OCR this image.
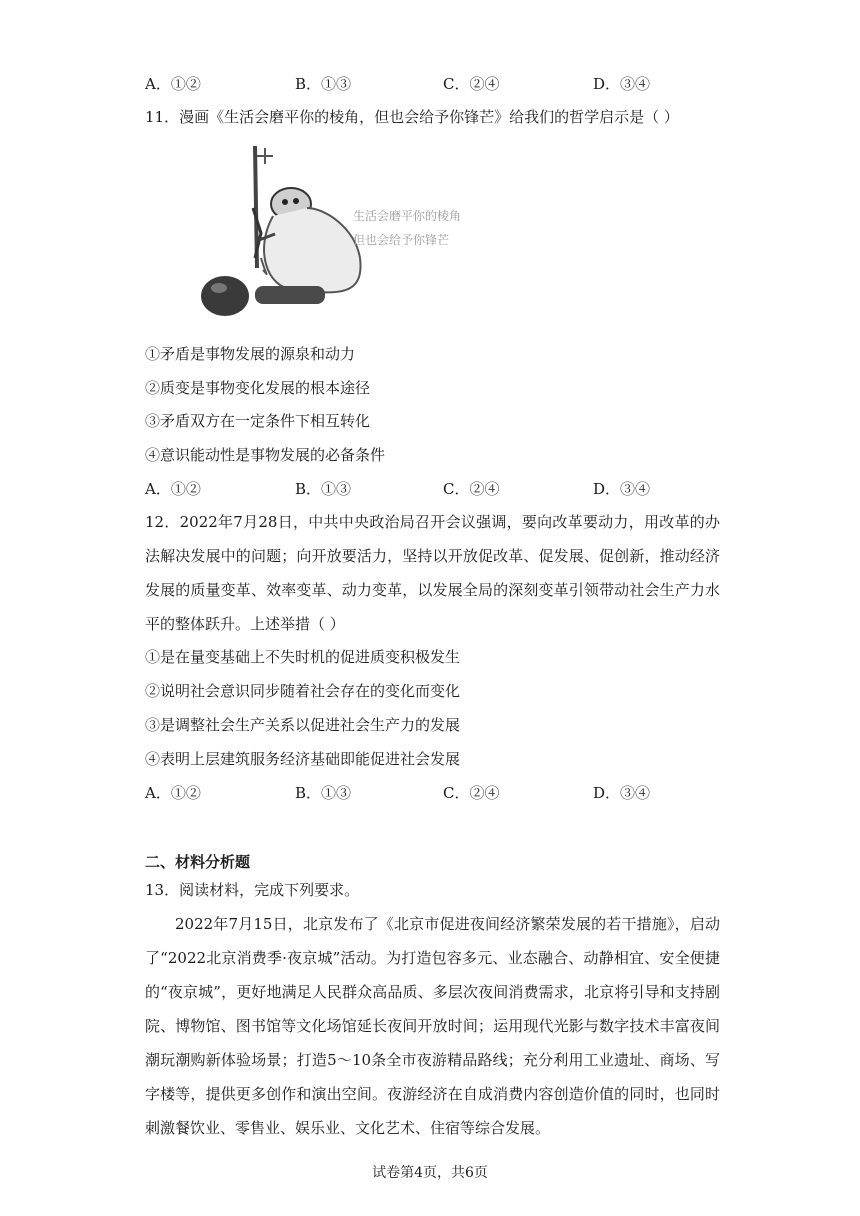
A．①②	B．①③	C．②④	D．③④
11．漫画《生活会磨平你的棱角，但也会给予你锋芒》给我们的哲学启示是（ ）
生活会磨平你的棱角
但也会给予你锋芒
①矛盾是事物发展的源泉和动力
②质变是事物变化发展的根本途径
③矛盾双方在一定条件下相互转化
④意识能动性是事物发展的必备条件
A．①②	B．①③	C．②④	D．③④
12．2022年7月28日，中共中央政治局召开会议强调，要向改革要动力，用改革的办法解决发展中的问题；向开放要活力，坚持以开放促改革、促发展、促创新，推动经济发展的质量变革、效率变革、动力变革，以发展全局的深刻变革引领带动社会生产力水平的整体跃升。上述举措（ ）
①是在量变基础上不失时机的促进质变积极发生
②说明社会意识同步随着社会存在的变化而变化
③是调整社会生产关系以促进社会生产力的发展
④表明上层建筑服务经济基础即能促进社会发展
A．①②	B．①③	C．②④	D．③④
二、材料分析题
13．阅读材料，完成下列要求。
2022年7月15日，北京发布了《北京市促进夜间经济繁荣发展的若干措施》，启动了“2022北京消费季·夜京城”活动。为打造包容多元、业态融合、动静相宜、安全便捷的“夜京城”，更好地满足人民群众高品质、多层次夜间消费需求，北京将引导和支持剧院、博物馆、图书馆等文化场馆延长夜间开放时间；运用现代光影与数字技术丰富夜间潮玩潮购新体验场景；打造5～10条全市夜游精品路线；充分利用工业遗址、商场、写字楼等，提供更多创作和演出空间。夜游经济在自成消费内容创造价值的同时，也同时刺激餐饮业、零售业、娱乐业、文化艺术、住宿等综合发展。
试卷第4页，共6页
